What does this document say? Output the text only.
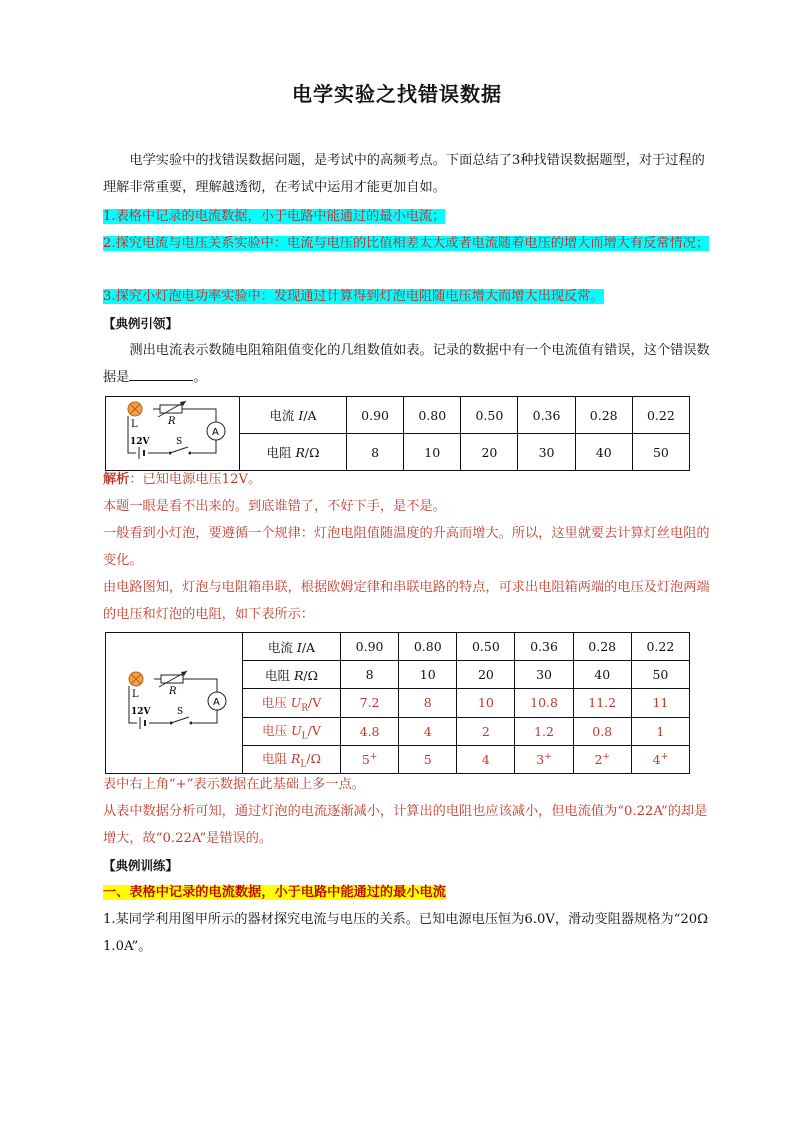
电学实验之找错误数据

电学实验中的找错误数据问题，是考试中的高频考点。下面总结了3种找错误数据题型，对于过程的理解非常重要，理解越透彻，在考试中运用才能更加自如。

1.表格中记录的电流数据，小于电路中能通过的最小电流；

2.探究电流与电压关系实验中：电流与电压的比值相差太大或者电流随着电压的增大而增大有反常情况；

3.探究小灯泡电功率实验中：发现通过计算得到灯泡电阻随电压增大而增大出现反常。

【典例引领】

测出电流表示数随电阻箱阻值变化的几组数值如表。记录的数据中有一个电流值有错误，这个错误数据是	。

A
L R
12V S	电流 I/A	0.90	0.80	0.50	0.36	0.28	0.22
	电阻 R/Ω	8	10	20	30	40	50

解析：已知电源电压12V。

本题一眼是看不出来的。到底谁错了，不好下手，是不是。

一般看到小灯泡，要遵循一个规律：灯泡电阻值随温度的升高而增大。所以，这里就要去计算灯丝电阻的变化。

由电路图知，灯泡与电阻箱串联，根据欧姆定律和串联电路的特点，可求出电阻箱两端的电压及灯泡两端的电压和灯泡的电阻，如下表所示：

A
L R
12V S	电流 I/A	0.90	0.80	0.50	0.36	0.28	0.22
	电阻 R/Ω	8	10	20	30	40	50
	电压 $U_R/V$	7.2	8	10	10.8	11.2	11
	电压 $U_L/V$	4.8	4	2	1.2	0.8	1
	电阻 $R_L/\Omega$	5+	5	4	3+	2+	4+

表中右上角“+”表示数据在此基础上多一点。

从表中数据分析可知，通过灯泡的电流逐渐减小，计算出的电阻也应该减小，但电流值为“0.22A”的却是增大，故“0.22A”是错误的。

【典例训练】

一、表格中记录的电流数据，小于电路中能通过的最小电流

1.某同学利用图甲所示的器材探究电流与电压的关系。已知电源电压恒为6.0V，滑动变阻器规格为“20Ω 1.0A”。
